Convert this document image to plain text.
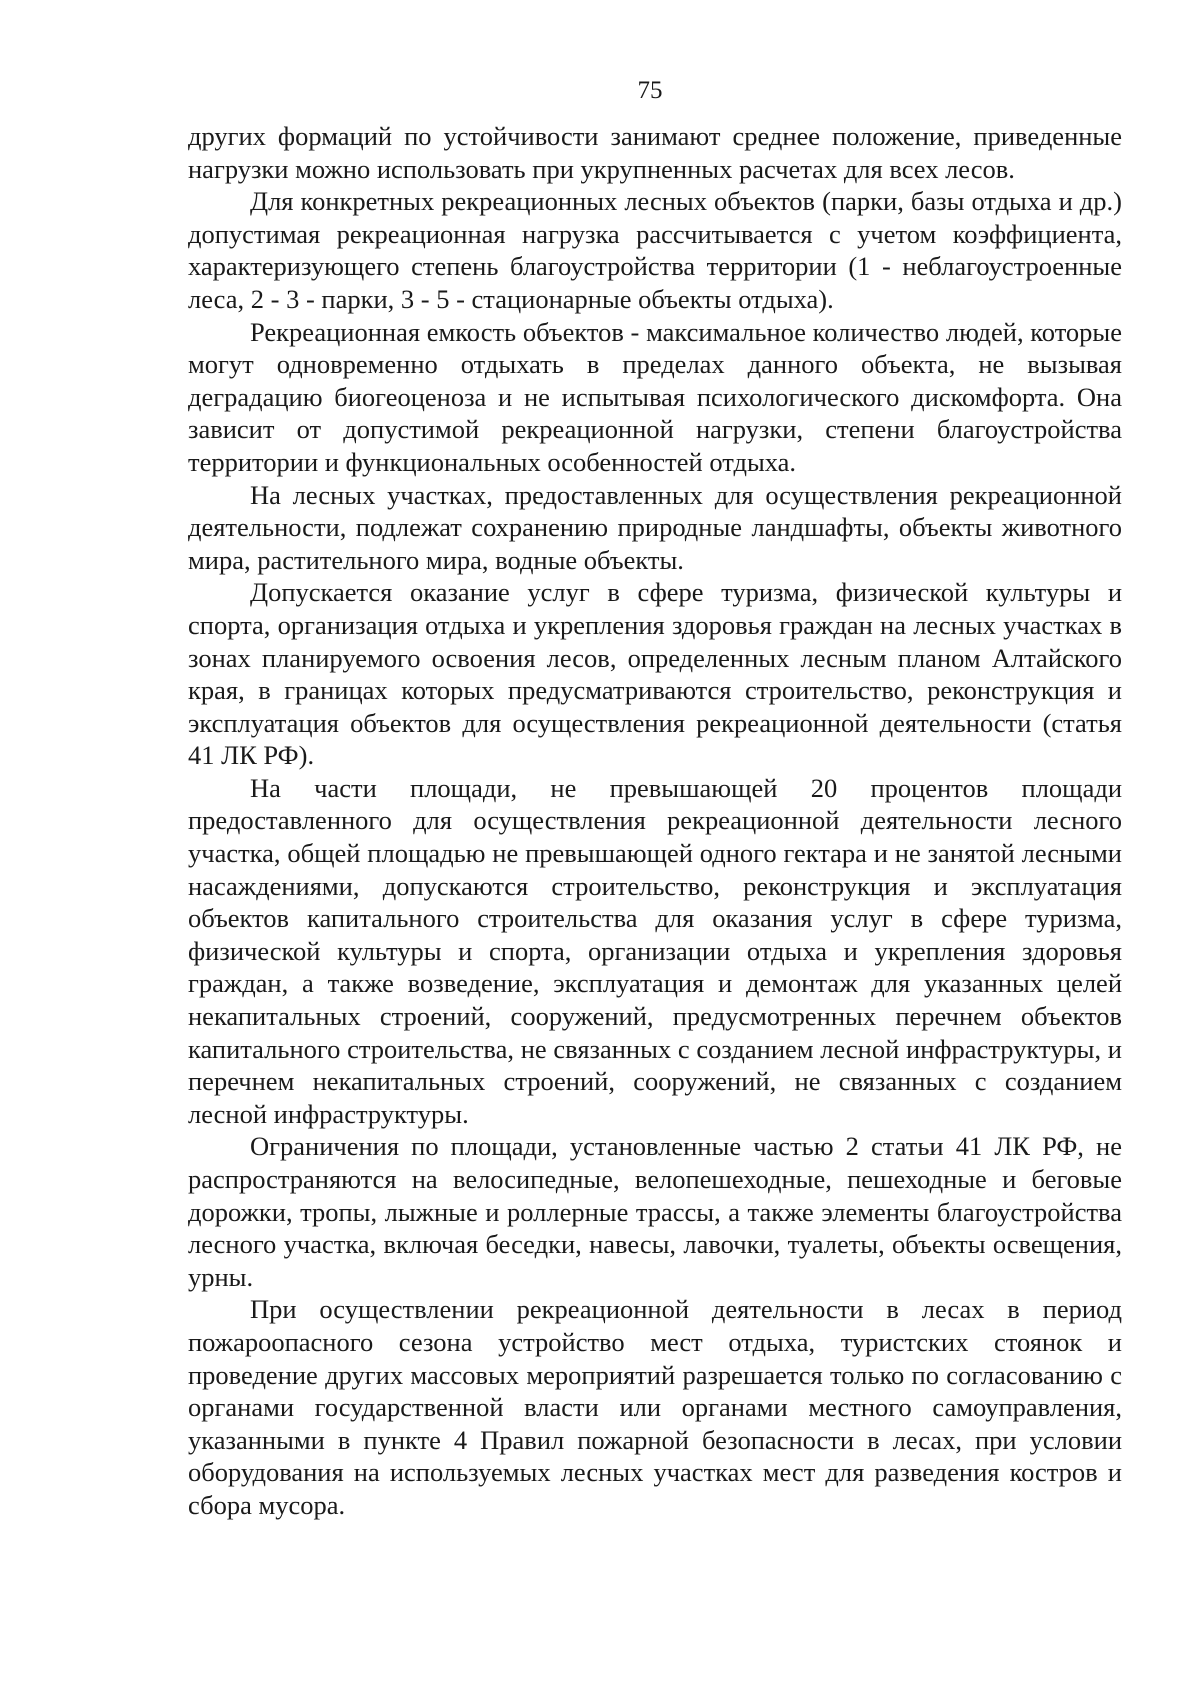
75

других формаций по устойчивости занимают среднее положение, приведенные нагрузки можно использовать при укрупненных расчетах для всех лесов.

Для конкретных рекреационных лесных объектов (парки, базы отдыха и др.) допустимая рекреационная нагрузка рассчитывается с учетом коэффициента, характеризующего степень благоустройства территории (1 - неблагоустроенные леса, 2 - 3 - парки, 3 - 5 - стационарные объекты отдыха).

Рекреационная емкость объектов - максимальное количество людей, которые могут одновременно отдыхать в пределах данного объекта, не вызывая деградацию биогеоценоза и не испытывая психологического дискомфорта. Она зависит от допустимой рекреационной нагрузки, степени благоустройства территории и функциональных особенностей отдыха.

На лесных участках, предоставленных для осуществления рекреационной деятельности, подлежат сохранению природные ландшафты, объекты животного мира, растительного мира, водные объекты.

Допускается оказание услуг в сфере туризма, физической культуры и спорта, организация отдыха и укрепления здоровья граждан на лесных участках в зонах планируемого освоения лесов, определенных лесным планом Алтайского края, в границах которых предусматриваются строительство, реконструкция и эксплуатация объектов для осуществления рекреационной деятельности (статья 41 ЛК РФ).

На части площади, не превышающей 20 процентов площади предоставленного для осуществления рекреационной деятельности лесного участка, общей площадью не превышающей одного гектара и не занятой лесными насаждениями, допускаются строительство, реконструкция и эксплуатация объектов капитального строительства для оказания услуг в сфере туризма, физической культуры и спорта, организации отдыха и укрепления здоровья граждан, а также возведение, эксплуатация и демонтаж для указанных целей некапитальных строений, сооружений, предусмотренных перечнем объектов капитального строительства, не связанных с созданием лесной инфраструктуры, и перечнем некапитальных строений, сооружений, не связанных с созданием лесной инфраструктуры.

Ограничения по площади, установленные частью 2 статьи 41 ЛК РФ, не распространяются на велосипедные, велопешеходные, пешеходные и беговые дорожки, тропы, лыжные и роллерные трассы, а также элементы благоустройства лесного участка, включая беседки, навесы, лавочки, туалеты, объекты освещения, урны.

При осуществлении рекреационной деятельности в лесах в период пожароопасного сезона устройство мест отдыха, туристских стоянок и проведение других массовых мероприятий разрешается только по согласованию с органами государственной власти или органами местного самоуправления, указанными в пункте 4 Правил пожарной безопасности в лесах, при условии оборудования на используемых лесных участках мест для разведения костров и сбора мусора.
